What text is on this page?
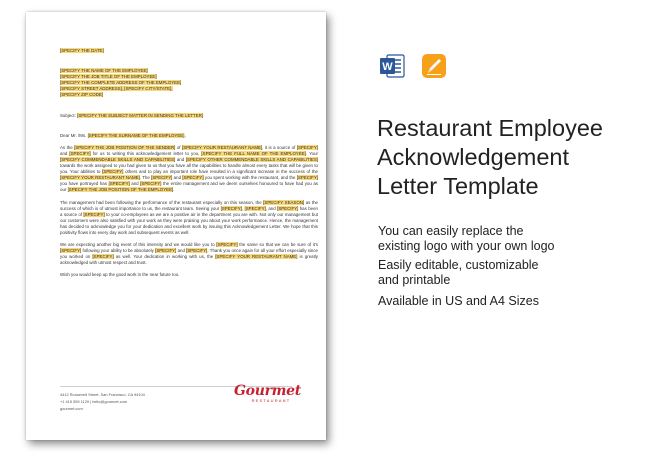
[SPECIFY THE DATE]

[SPECIFY THE NAME OF THE EMPLOYEE]
[SPECIFY THE JOB TITLE OF THE EMPLOYEE]
[SPECIFY THE COMPLETE ADDRESS OF THE EMPLOYEE]
[SPECIFY STREET ADDRESS], [SPECIFY CITY/STATE],
[SPECIFY ZIP CODE]

Subject: [SPECIFY THE SUBJECT MATTER IN SENDING THE LETTER]

Dear Mr. /Ms. [SPECIFY THE SURNAME OF THE EMPLOYEE],

As the [SPECIFY THE JOB POSITION OF THE SENDER] of [SPECIFY YOUR RESTAURANT NAME], it is a source of [SPECIFY] and [SPECIFY] for us to writing this acknowledgement letter to you, [SPECIFY THE FULL NAME OF THE EMPLOYEE]. Your [SPECIFY COMMENDABLE SKILLS AND CAPABILITIES] and [SPECIFY OTHER COMMENDABLE SKILLS AND CAPABILITIES] towards the work assigned to you had given to us that you have all the capabilities to handle almost every tasks that will be given to you. Your abilities to [SPECIFY] others and to play an important role have resulted in a significant increase in the success of the [SPECIFY YOUR RESTAURANT NAME]. The [SPECIFY] and [SPECIFY] you spent working with the restaurant, and the [SPECIFY] you have portrayed has [SPECIFY] and [SPECIFY] the entire management and we deem ourselves honoured to have had you as our [SPECIFY THE JOB POSITION OF THE EMPLOYEE].

The management had been following the performance of the restaurant especially on this season, the [SPECIFY SEASON] as the success of which is of utmost importance to us, the restaurant team. Seeing your [SPECIFY], [SPECIFY], and [SPECIFY] has been a source of [SPECIFY] to your co-employees as we are a positive air in the department you are with. Not only our management but our customers were also satisfied with your work as they were praising you about your work performance. Hence, the management has decided to acknowledge you for your dedication and excellent work by issuing this Acknowledgement Letter. We hope that this positivity flows into every day work and subsequent events as well.

We are expecting another big event of this intensity and we would like you to [SPECIFY] the same so that we can be sure of it's [SPECIFY] following your ability to be absolutely [SPECIFY] and [SPECIFY]. Thank you once again for all your effort especially since you worked on [SPECIFY] as well. Your dedication in working with us, the [SPECIFY YOUR RESTAURANT NAME] is greatly acknowledged with utmost respect and trust.

Wish you would keep up the good work in the near future too.

4412 Roosevelt Street, San Francisco, CA 94104
+1 415 559 1129 | hello@gourmet.com
gourmet.com
Gourmet
RESTAURANT
W
Restaurant Employee
Acknowledgement
Letter Template

You can easily replace the
existing logo with your own logo

Easily editable, customizable
and printable

Available in US and A4 Sizes
